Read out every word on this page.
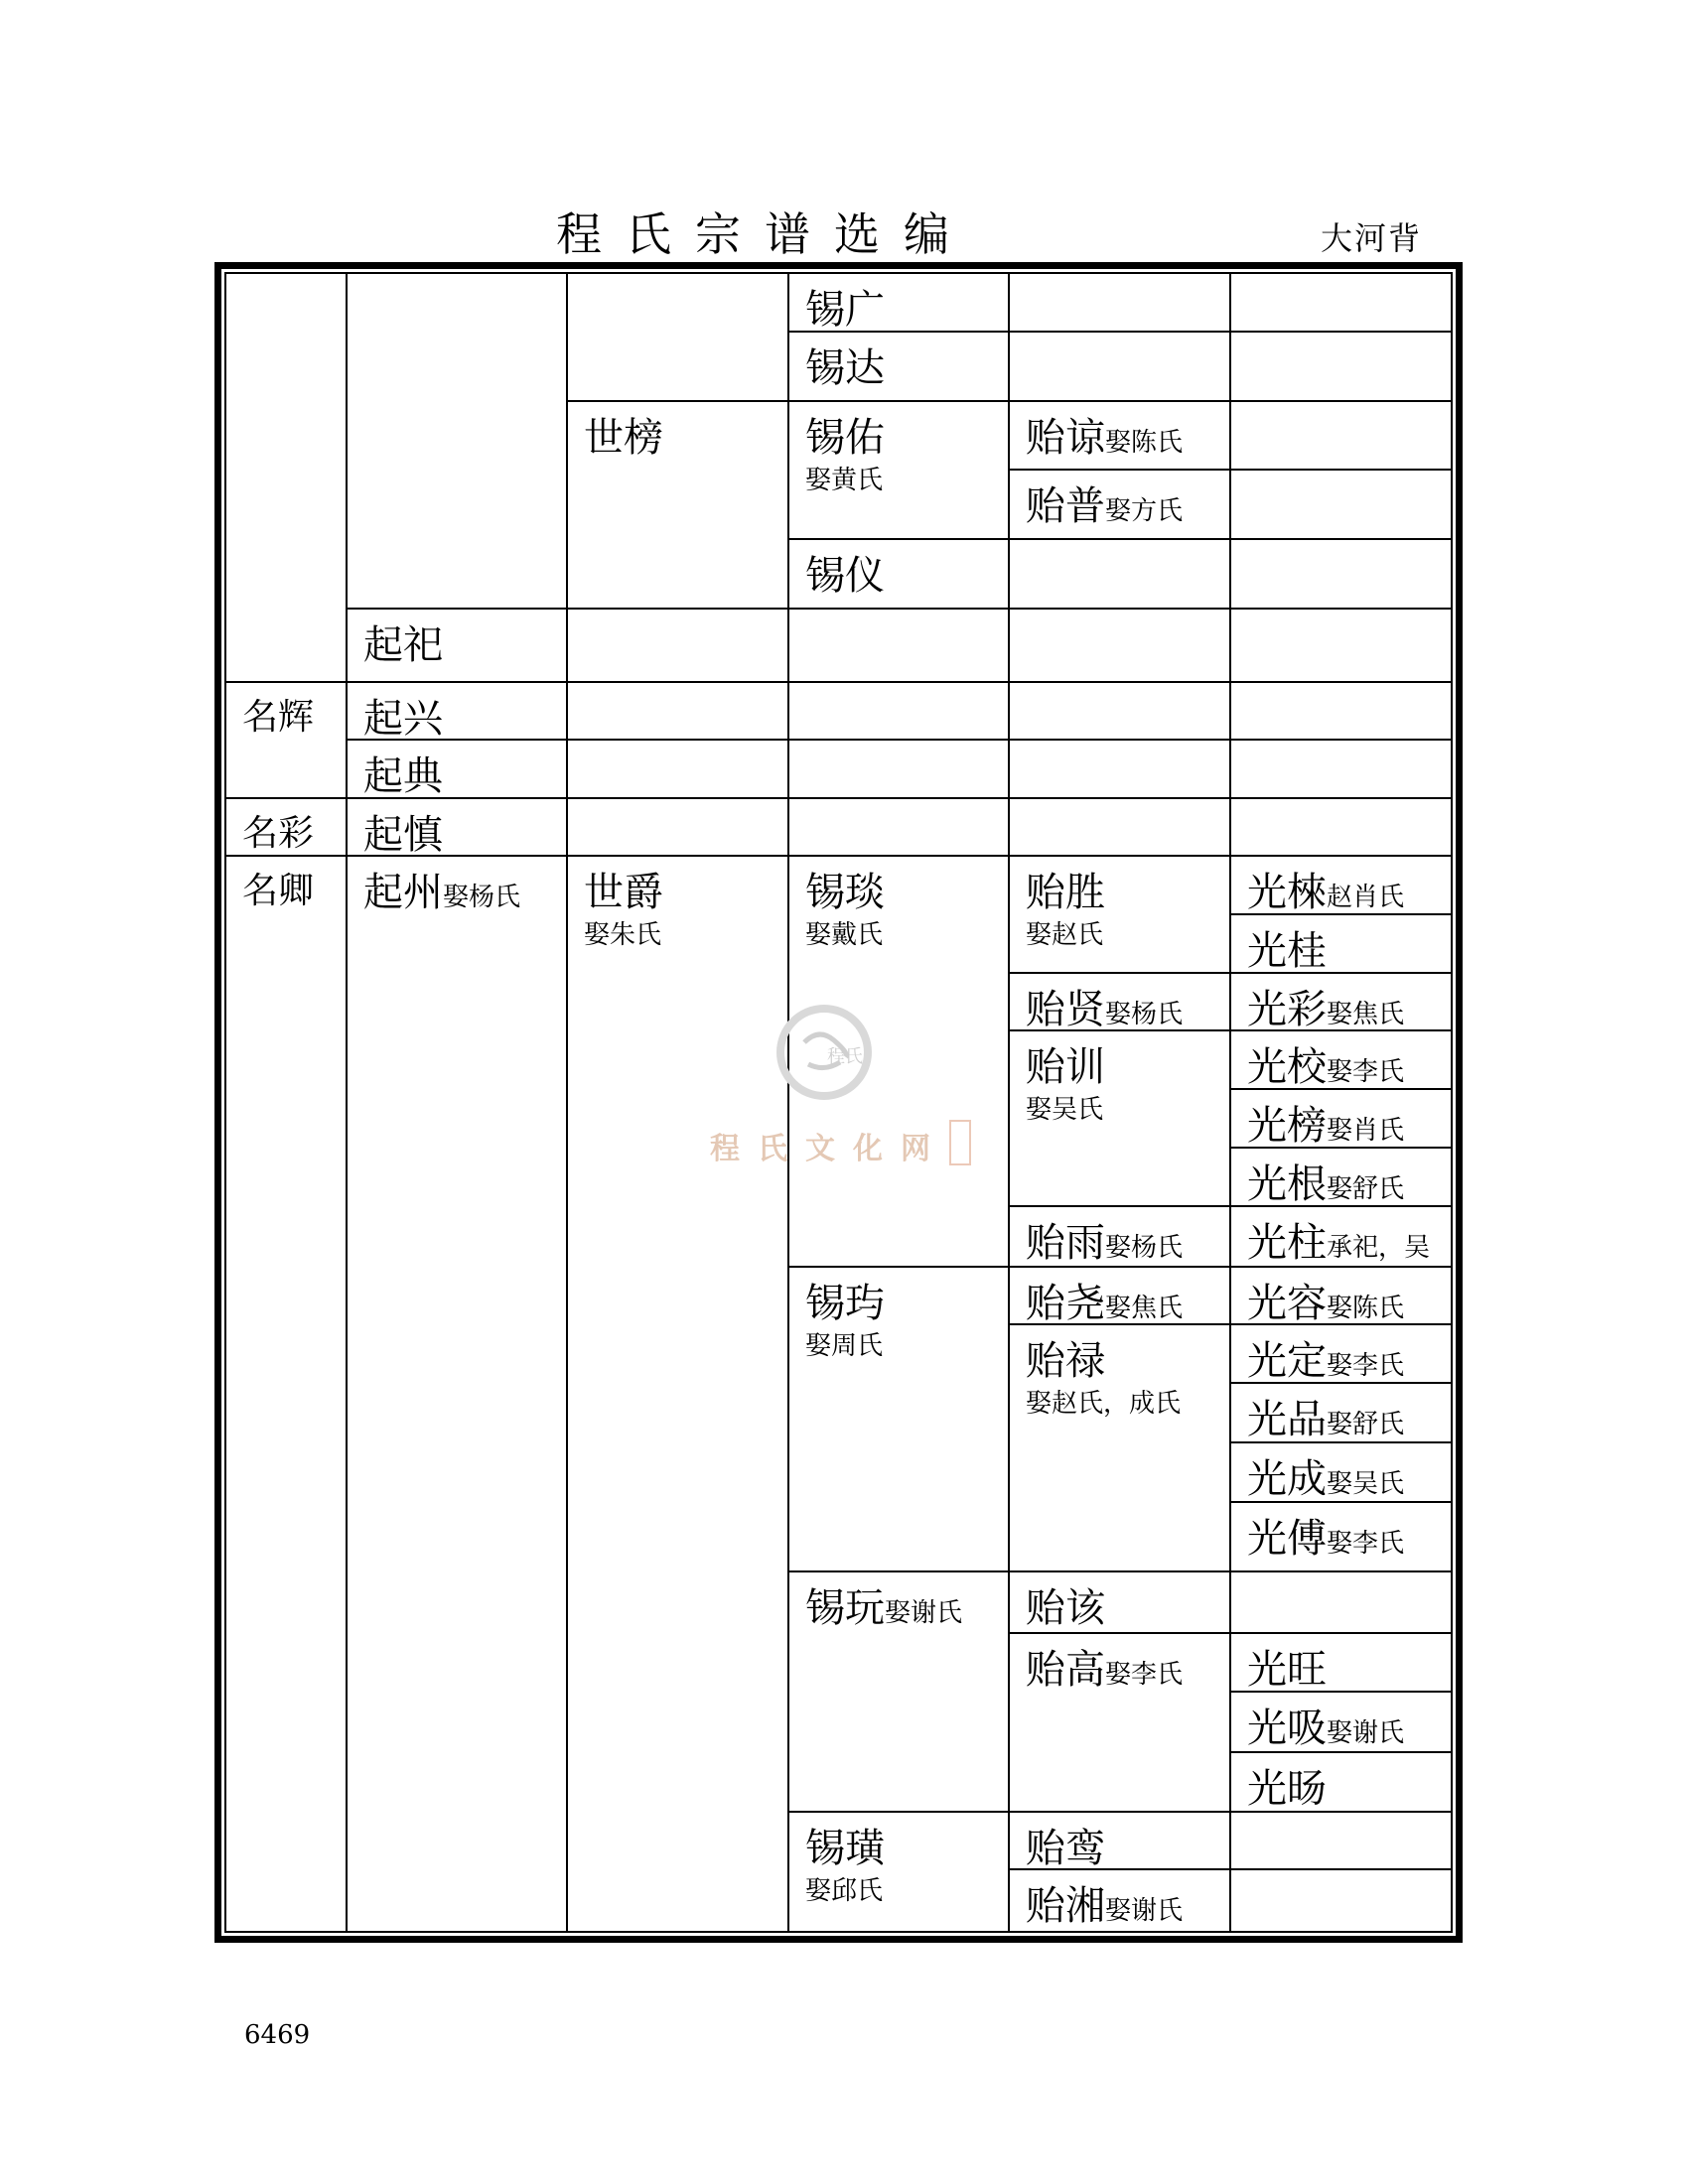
程氏宗谱选编	大河背
名辉
名彩
名卿
起祀
起兴
起典
起慎
起州娶杨氏
世榜
世爵
娶朱氏
锡广
锡达
锡佑
娶黄氏
锡仪
锡琰
娶戴氏
锡玙
娶周氏
锡玩娶谢氏
锡璜
娶邱氏
贻谅娶陈氏
贻普娶方氏
贻胜
娶赵氏
贻贤娶杨氏
贻训
娶吴氏
贻雨娶杨氏
贻尧娶焦氏
贻禄
娶赵氏，成氏
贻该
贻高娶李氏
贻鸾
贻湘娶谢氏
光棶赵肖氏
光桂
光彩娶焦氏
光校娶李氏
光榜娶肖氏
光根娶舒氏
光柱承祀，吴
光容娶陈氏
光定娶李氏
光品娶舒氏
光成娶吴氏
光傅娶李氏
光旺
光吸娶谢氏
光旸
程氏
程氏文化网
6469
